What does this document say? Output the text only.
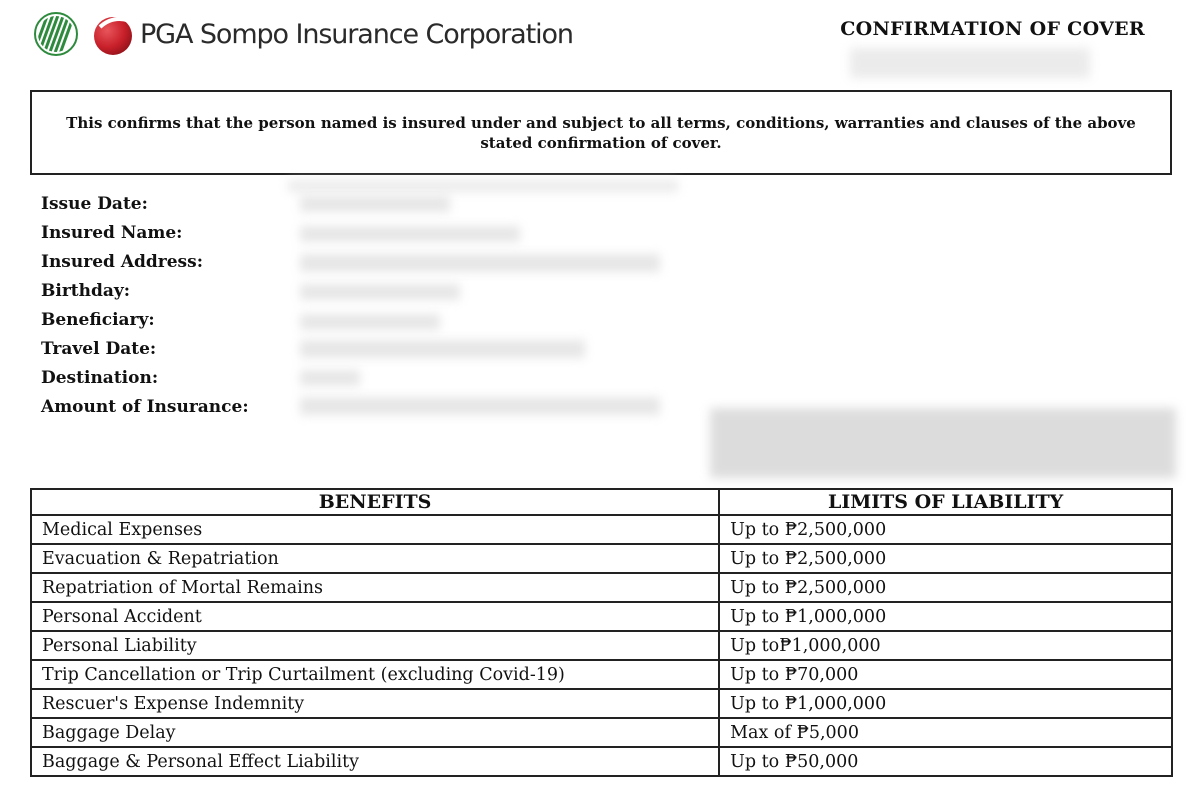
PGA Sompo Insurance Corporation	CONFIRMATION OF COVER
This confirms that the person named is insured under and subject to all terms, conditions, warranties and clauses of the above stated confirmation of cover.
Issue Date:
Insured Name:
Insured Address:
Birthday:
Beneficiary:
Travel Date:
Destination:
Amount of Insurance:
BENEFITS	LIMITS OF LIABILITY
Medical Expenses	Up to ₱2,500,000
Evacuation & Repatriation	Up to ₱2,500,000
Repatriation of Mortal Remains	Up to ₱2,500,000
Personal Accident	Up to ₱1,000,000
Personal Liability	Up to₱1,000,000
Trip Cancellation or Trip Curtailment (excluding Covid-19)	Up to ₱70,000
Rescuer's Expense Indemnity	Up to ₱1,000,000
Baggage Delay	Max of ₱5,000
Baggage & Personal Effect Liability	Up to ₱50,000
